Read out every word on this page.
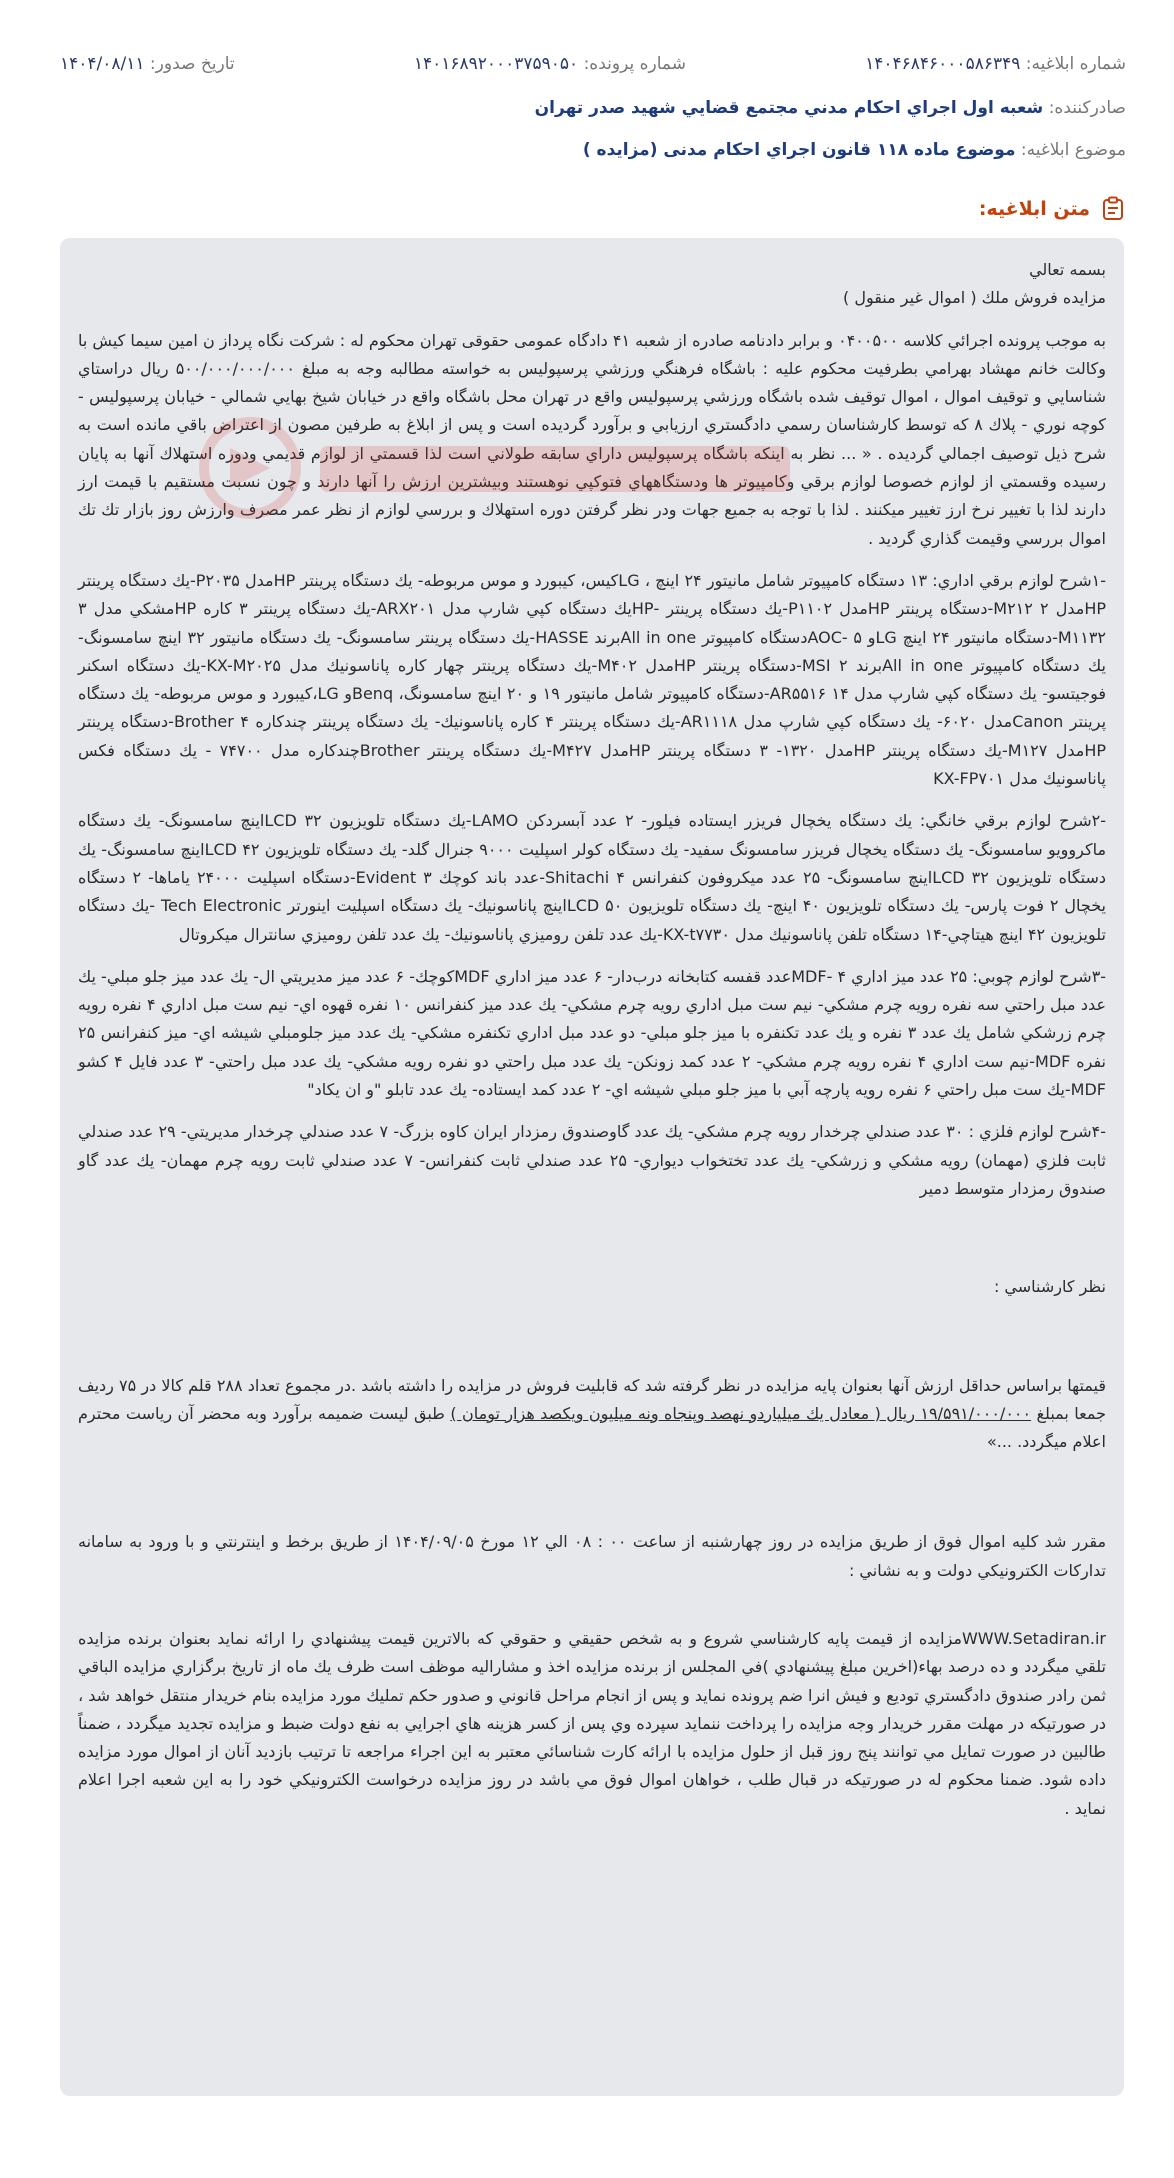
شماره ابلاغیه: ۱۴۰۴۶۸۴۶۰۰۰۵۸۶۳۴۹
شماره پرونده: ۱۴۰۱۶۸۹۲۰۰۰۳۷۵۹۰۵۰
تاریخ صدور: ۱۴۰۴/۰۸/۱۱
صادرکننده: شعبه اول اجراي احكام مدني مجتمع قضايي شهيد صدر تهران
موضوع ابلاغیه: موضوع ماده ۱۱۸ قانون اجراي احکام مدنی (مزایده )
متن ابلاغیه:

بسمه تعالي

مزايده فروش ملك ( اموال غير منقول )

به موجب پرونده اجرائي كلاسه ۰۴۰۰۵۰۰ و برابر دادنامه صادره از شعبه ۴۱ دادگاه عمومی حقوقی تهران محكوم له : شركت نگاه پرداز ن امين سيما كيش با وكالت خانم مهشاد بهرامي بطرفيت محكوم عليه : باشگاه فرهنگي ورزشي پرسپوليس به خواسته مطالبه وجه به مبلغ ۵۰۰/۰۰۰/۰۰۰/۰۰۰ ريال دراستاي شناسايي و توقيف اموال ، اموال توقيف شده باشگاه ورزشي پرسپوليس واقع در تهران محل باشگاه واقع در خيابان شيخ بهايي شمالي - خيابان پرسپوليس - كوچه نوري - پلاك ۸ كه توسط كارشناسان رسمي دادگستري ارزيابي و برآورد گرديده است و پس از ابلاغ به طرفين مصون از اعتراض باقي مانده است به شرح ذيل توصيف اجمالي گرديده . « ... نظر به اينكه باشگاه پرسپوليس داراي سابقه طولاني است لذا قسمتي از لوازم قديمي ودوره استهلاك آنها به پايان رسيده وقسمتي از لوازم خصوصا لوازم برقي وكامپيوتر ها ودستگاههاي فتوكپي نوهستند وبيشترين ارزش را آنها دارند و چون نسبت مستقيم با قيمت ارز دارند لذا با تغيير نرخ ارز تغيير ميكنند . لذا با توجه به جميع جهات ودر نظر گرفتن دوره استهلاك و بررسي لوازم از نظر عمر مصرف وارزش روز بازار تك تك اموال بررسي وقيمت گذاري گرديد .

-۱شرح لوازم برقي اداري: ۱۳ دستگاه كامپيوتر شامل مانيتور ۲۴ اينچ ، LGكيس، كيبورد و موس مربوطه- يك دستگاه پرينتر HPمدل P۲۰۳۵-يك دستگاه پرينتر HPمدل ۲ M۲۱۲-دستگاه پرينتر HPمدل P۱۱۰۲-يك دستگاه پرينتر -HPيك دستگاه كپي شارپ مدل ARX۲۰۱-يك دستگاه پرينتر ۳ كاره HPمشكي مدل ۳ M۱۱۳۲-دستگاه مانيتور ۲۴ اينچ LGو ۵ -AOCدستگاه كامپيوتر All in oneبرند HASSE-يك دستگاه پرينتر سامسونگ- يك دستگاه مانيتور ۳۲ اينچ سامسونگ- يك دستگاه كامپيوتر All in oneبرند ۲ MSI-دستگاه پرينتر HPمدل M۴۰۲-يك دستگاه پرينتر چهار كاره پاناسونيك مدل KX-M۲۰۲۵-يك دستگاه اسكنر فوجيتسو- يك دستگاه كپي شارپ مدل ۱۴ AR۵۵۱۶-دستگاه كامپيوتر شامل مانيتور ۱۹ و ۲۰ اينچ سامسونگ، Benqو LG،كيبورد و موس مربوطه- يك دستگاه پرينتر Canonمدل ۶۰۲۰- يك دستگاه كپي شارپ مدل AR۱۱۱۸-يك دستگاه پرينتر ۴ كاره پاناسونيك- يك دستگاه پرينتر چندكاره ۴ Brother-دستگاه پرينتر HPمدل M۱۲۷-يك دستگاه پرينتر HPمدل ۱۳۲۰- ۳ دستگاه پرينتر HPمدل M۴۲۷-يك دستگاه پرينتر Brotherچندكاره مدل ۷۴۷۰۰ - يك دستگاه فكس پاناسونيك مدل KX-FP۷۰۱

-۲شرح لوازم برقي خانگي: يك دستگاه يخچال فريزر ايستاده فيلور- ۲ عدد آبسردكن LAMO-يك دستگاه تلويزيون LCD ۳۲اينچ سامسونگ- يك دستگاه ماكروويو سامسونگ- يك دستگاه يخچال فريزر سامسونگ سفيد- يك دستگاه كولر اسپليت ۹۰۰۰ جنرال گلد- يك دستگاه تلويزيون LCD ۴۲اينچ سامسونگ- يك دستگاه تلويزيون LCD ۳۲اينچ سامسونگ- ۲۵ عدد ميكروفون كنفرانس ۴ Shitachi-عدد باند كوچك ۳ Evident-دستگاه اسپليت ۲۴۰۰۰ ياماها- ۲ دستگاه يخچال ۲ فوت پارس- يك دستگاه تلويزيون ۴۰ اينچ- يك دستگاه تلويزيون LCD ۵۰اينچ پاناسونيك- يك دستگاه اسپليت اينورتر Tech Electronic -يك دستگاه تلويزيون ۴۲ اينچ هيتاچي-۱۴ دستگاه تلفن پاناسونيك مدل KX-t۷۷۳۰-يك عدد تلفن روميزي پاناسونيك- يك عدد تلفن روميزي سانترال ميكروتال

-۳شرح لوازم چوبي: ۲۵ عدد ميز اداري MDF- ۴عدد قفسه كتابخانه درب‌دار- ۶ عدد ميز اداري MDFكوچك- ۶ عدد ميز مديريتي ال- يك عدد ميز جلو مبلي- يك عدد مبل راحتي سه نفره رويه چرم مشكي- نيم ست مبل اداري رويه چرم مشكي- يك عدد ميز كنفرانس ۱۰ نفره قهوه اي- نيم ست مبل اداري ۴ نفره رويه چرم زرشكي شامل يك عدد ۳ نفره و يك عدد تكنفره با ميز جلو مبلي- دو عدد مبل اداري تكنفره مشكي- يك عدد ميز جلومبلي شيشه اي- ميز كنفرانس ۲۵ نفره MDF-نيم ست اداري ۴ نفره رويه چرم مشكي- ۲ عدد كمد زونكن- يك عدد مبل راحتي دو نفره رويه مشكي- يك عدد مبل راحتي- ۳ عدد فايل ۴ كشو MDF-يك ست مبل راحتي ۶ نفره رويه پارچه آبي با ميز جلو مبلي شيشه اي- ۲ عدد كمد ايستاده- يك عدد تابلو "و ان يكاد"

-۴شرح لوازم فلزي : ۳۰ عدد صندلي چرخدار رويه چرم مشكي- يك عدد گاوصندوق رمزدار ايران كاوه بزرگ- ۷ عدد صندلي چرخدار مديريتي- ۲۹ عدد صندلي ثابت فلزي (مهمان) رويه مشكي و زرشكي- يك عدد تختخواب ديواري- ۲۵ عدد صندلي ثابت كنفرانس- ۷ عدد صندلي ثابت رويه چرم مهمان- يك عدد گاو صندوق رمزدار متوسط دمير

نظر كارشناسي :

قيمتها براساس حداقل ارزش آنها بعنوان پايه مزايده در نظر گرفته شد كه قابليت فروش در مزايده را داشته باشد .در مجموع تعداد ۲۸۸ قلم كالا در ۷۵ رديف جمعا بمبلغ ۱۹/۵۹۱/۰۰۰/۰۰۰ ريال ( معادل يك ميلياردو نهصد وپنجاه ونه ميليون ويكصد هزار تومان ) طبق ليست ضميمه برآورد وبه محضر آن رياست محترم اعلام ميگردد. ...»

مقرر شد كليه اموال فوق از طريق مزايده در روز چهارشنبه از ساعت ۰۰ : ۰۸ الي ۱۲ مورخ ۱۴۰۴/۰۹/۰۵ از طريق برخط و اينترنتي و با ورود به سامانه تداركات الكترونيكي دولت و به نشاني :

WWW.Setadiran.irمزايده از قيمت پايه كارشناسي شروع و به شخص حقيقي و حقوقي كه بالاترين قيمت پيشنهادي را ارائه نمايد بعنوان برنده مزايده تلقي ميگردد و ده درصد بهاء(اخرين مبلغ پيشنهادي )في المجلس از برنده مزايده اخذ و مشاراليه موظف است ظرف يك ماه از تاريخ برگزاري مزايده الباقي ثمن رادر صندوق دادگستري توديع و فيش انرا ضم پرونده نمايد و پس از انجام مراحل قانوني و صدور حكم تمليك مورد مزايده بنام خريدار منتقل خواهد شد ، در صورتيكه در مهلت مقرر خريدار وجه مزايده را پرداخت ننمايد سپرده وي پس از كسر هزينه هاي اجرايي به نفع دولت ضبط و مزايده تجديد ميگردد ، ضمناً طالبين در صورت تمايل مي توانند پنج روز قبل از حلول مزايده با ارائه كارت شناسائي معتبر به اين اجراء مراجعه تا ترتيب بازديد آنان از اموال مورد مزايده داده شود. ضمنا محكوم له در صورتيكه در قبال طلب ، خواهان اموال فوق مي باشد در روز مزايده درخواست الكترونيكي خود را به اين شعبه اجرا اعلام نمايد .
